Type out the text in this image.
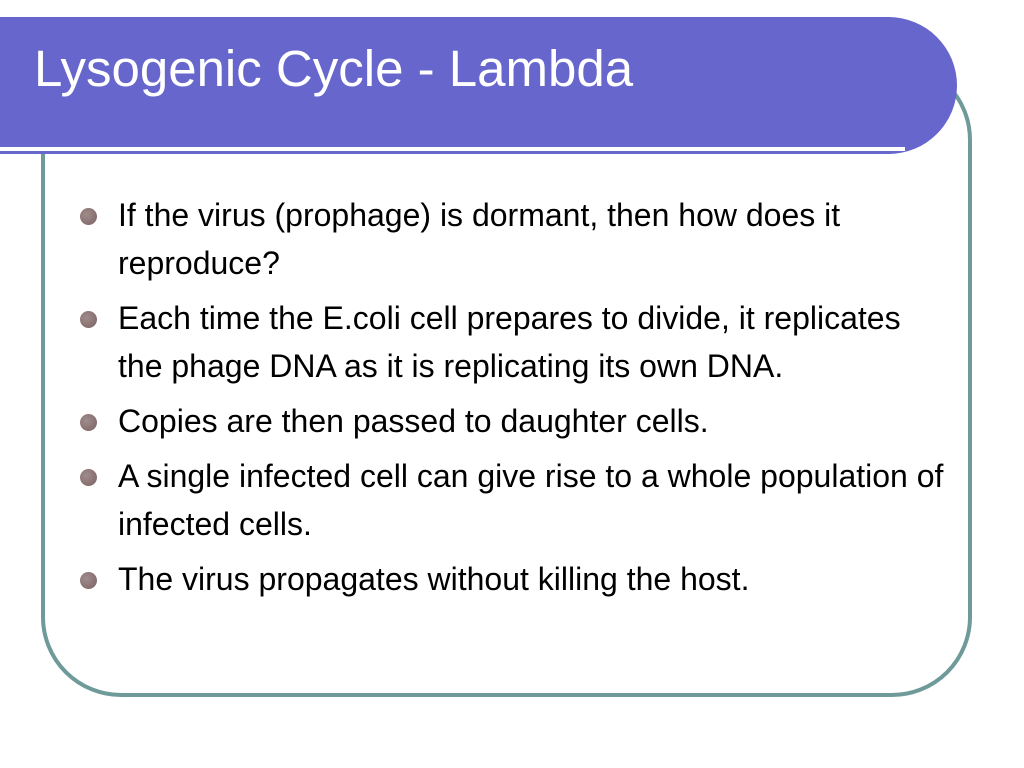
Lysogenic Cycle - Lambda
If the virus (prophage) is dormant, then how does it reproduce?
Each time the E.coli cell prepares to divide, it replicates the phage DNA as it is replicating its own DNA.
Copies are then passed to daughter cells.
A single infected cell can give rise to a whole population of infected cells.
The virus propagates without killing the host.
